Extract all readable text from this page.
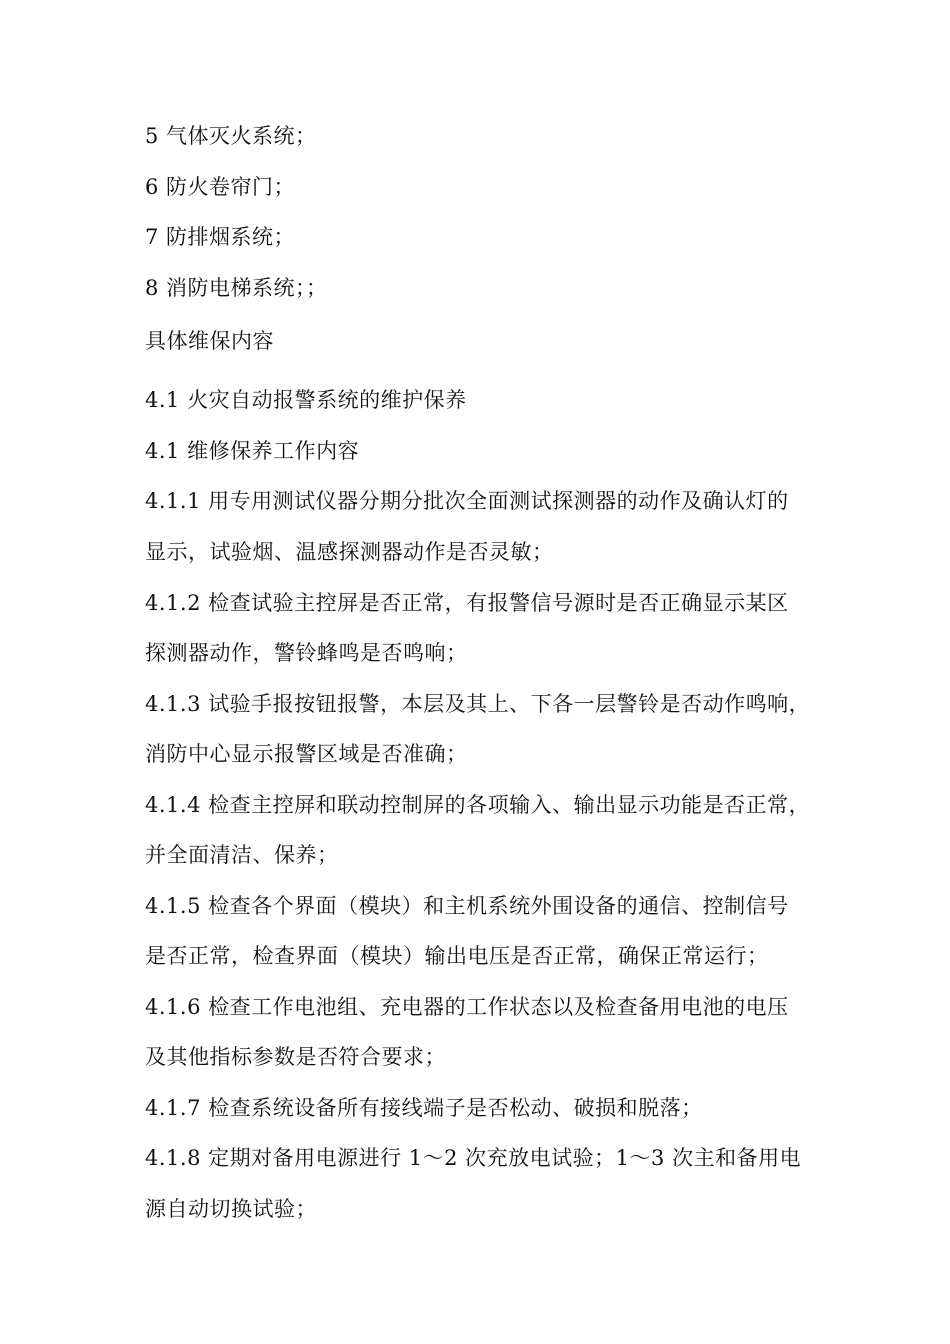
5 气体灭火系统；
6 防火卷帘门；
7 防排烟系统；
8 消防电梯系统；；
具体维保内容
4.1 火灾自动报警系统的维护保养
4.1 维修保养工作内容
4.1.1 用专用测试仪器分期分批次全面测试探测器的动作及确认灯的
显示，试验烟、温感探测器动作是否灵敏；
4.1.2 检查试验主控屏是否正常，有报警信号源时是否正确显示某区
探测器动作，警铃蜂鸣是否鸣响；
4.1.3 试验手报按钮报警，本层及其上、下各一层警铃是否动作鸣响，
消防中心显示报警区域是否准确；
4.1.4 检查主控屏和联动控制屏的各项输入、输出显示功能是否正常，
并全面清洁、保养；
4.1.5 检查各个界面（模块）和主机系统外围设备的通信、控制信号
是否正常，检查界面（模块）输出电压是否正常，确保正常运行；
4.1.6 检查工作电池组、充电器的工作状态以及检查备用电池的电压
及其他指标参数是否符合要求；
4.1.7 检查系统设备所有接线端子是否松动、破损和脱落；
4.1.8 定期对备用电源进行 1～2 次充放电试验；1～3 次主和备用电
源自动切换试验；
